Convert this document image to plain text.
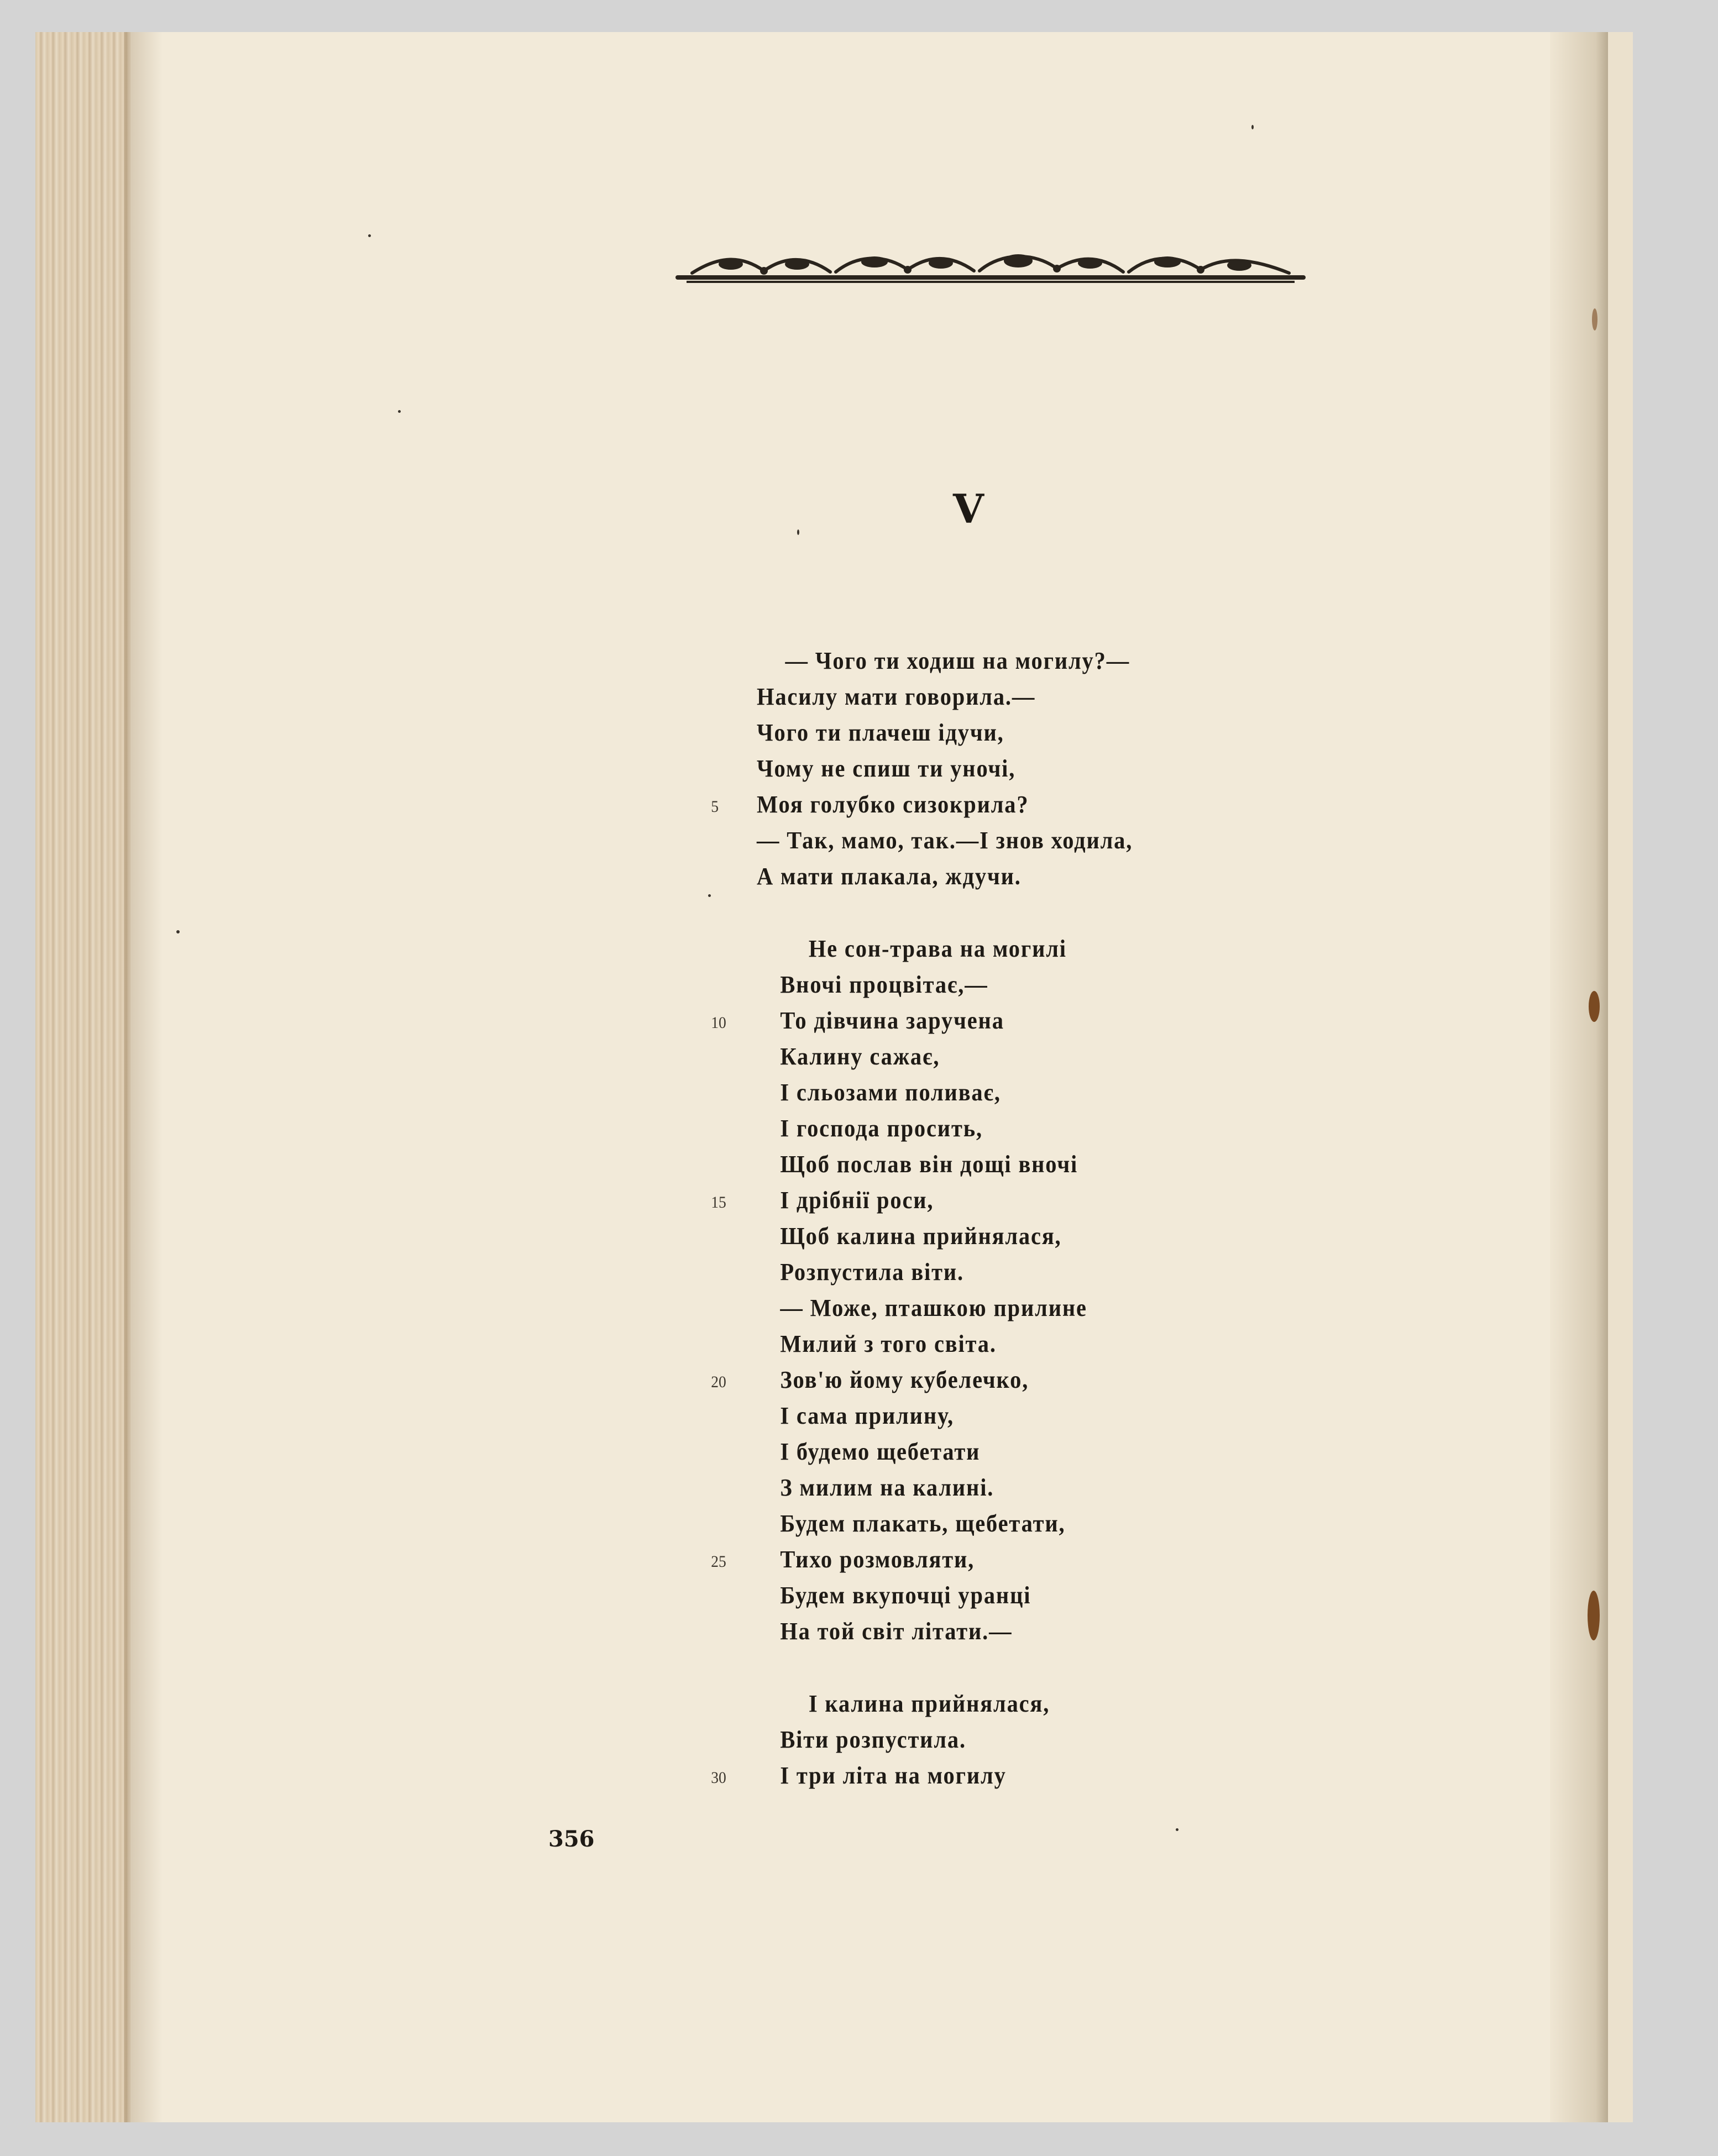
V
— Чого ти ходиш на могилу?—
Насилу мати говорила.—
Чого ти плачеш ідучи,
Чому не спиш ти уночі,
Моя голубко сизокрила?
5
— Так, мамо, так.—І знов ходила,
А мати плакала, ждучи.
Не сон-трава на могилі
Вночі процвітає,—
То дівчина заручена
10
Калину сажає,
І сльозами поливає,
І господа просить,
Щоб послав він дощі вночі
І дрібнії роси,
15
Щоб калина прийнялася,
Розпустила віти.
— Може, пташкою прилине
Милий з того світа.
Зов'ю йому кубелечко,
20
І сама прилину,
І будемо щебетати
З милим на калині.
Будем плакать, щебетати,
Тихо розмовляти,
25
Будем вкупочці уранці
На той світ літати.—
І калина прийнялася,
Віти розпустила.
І три літа на могилу
30
356
